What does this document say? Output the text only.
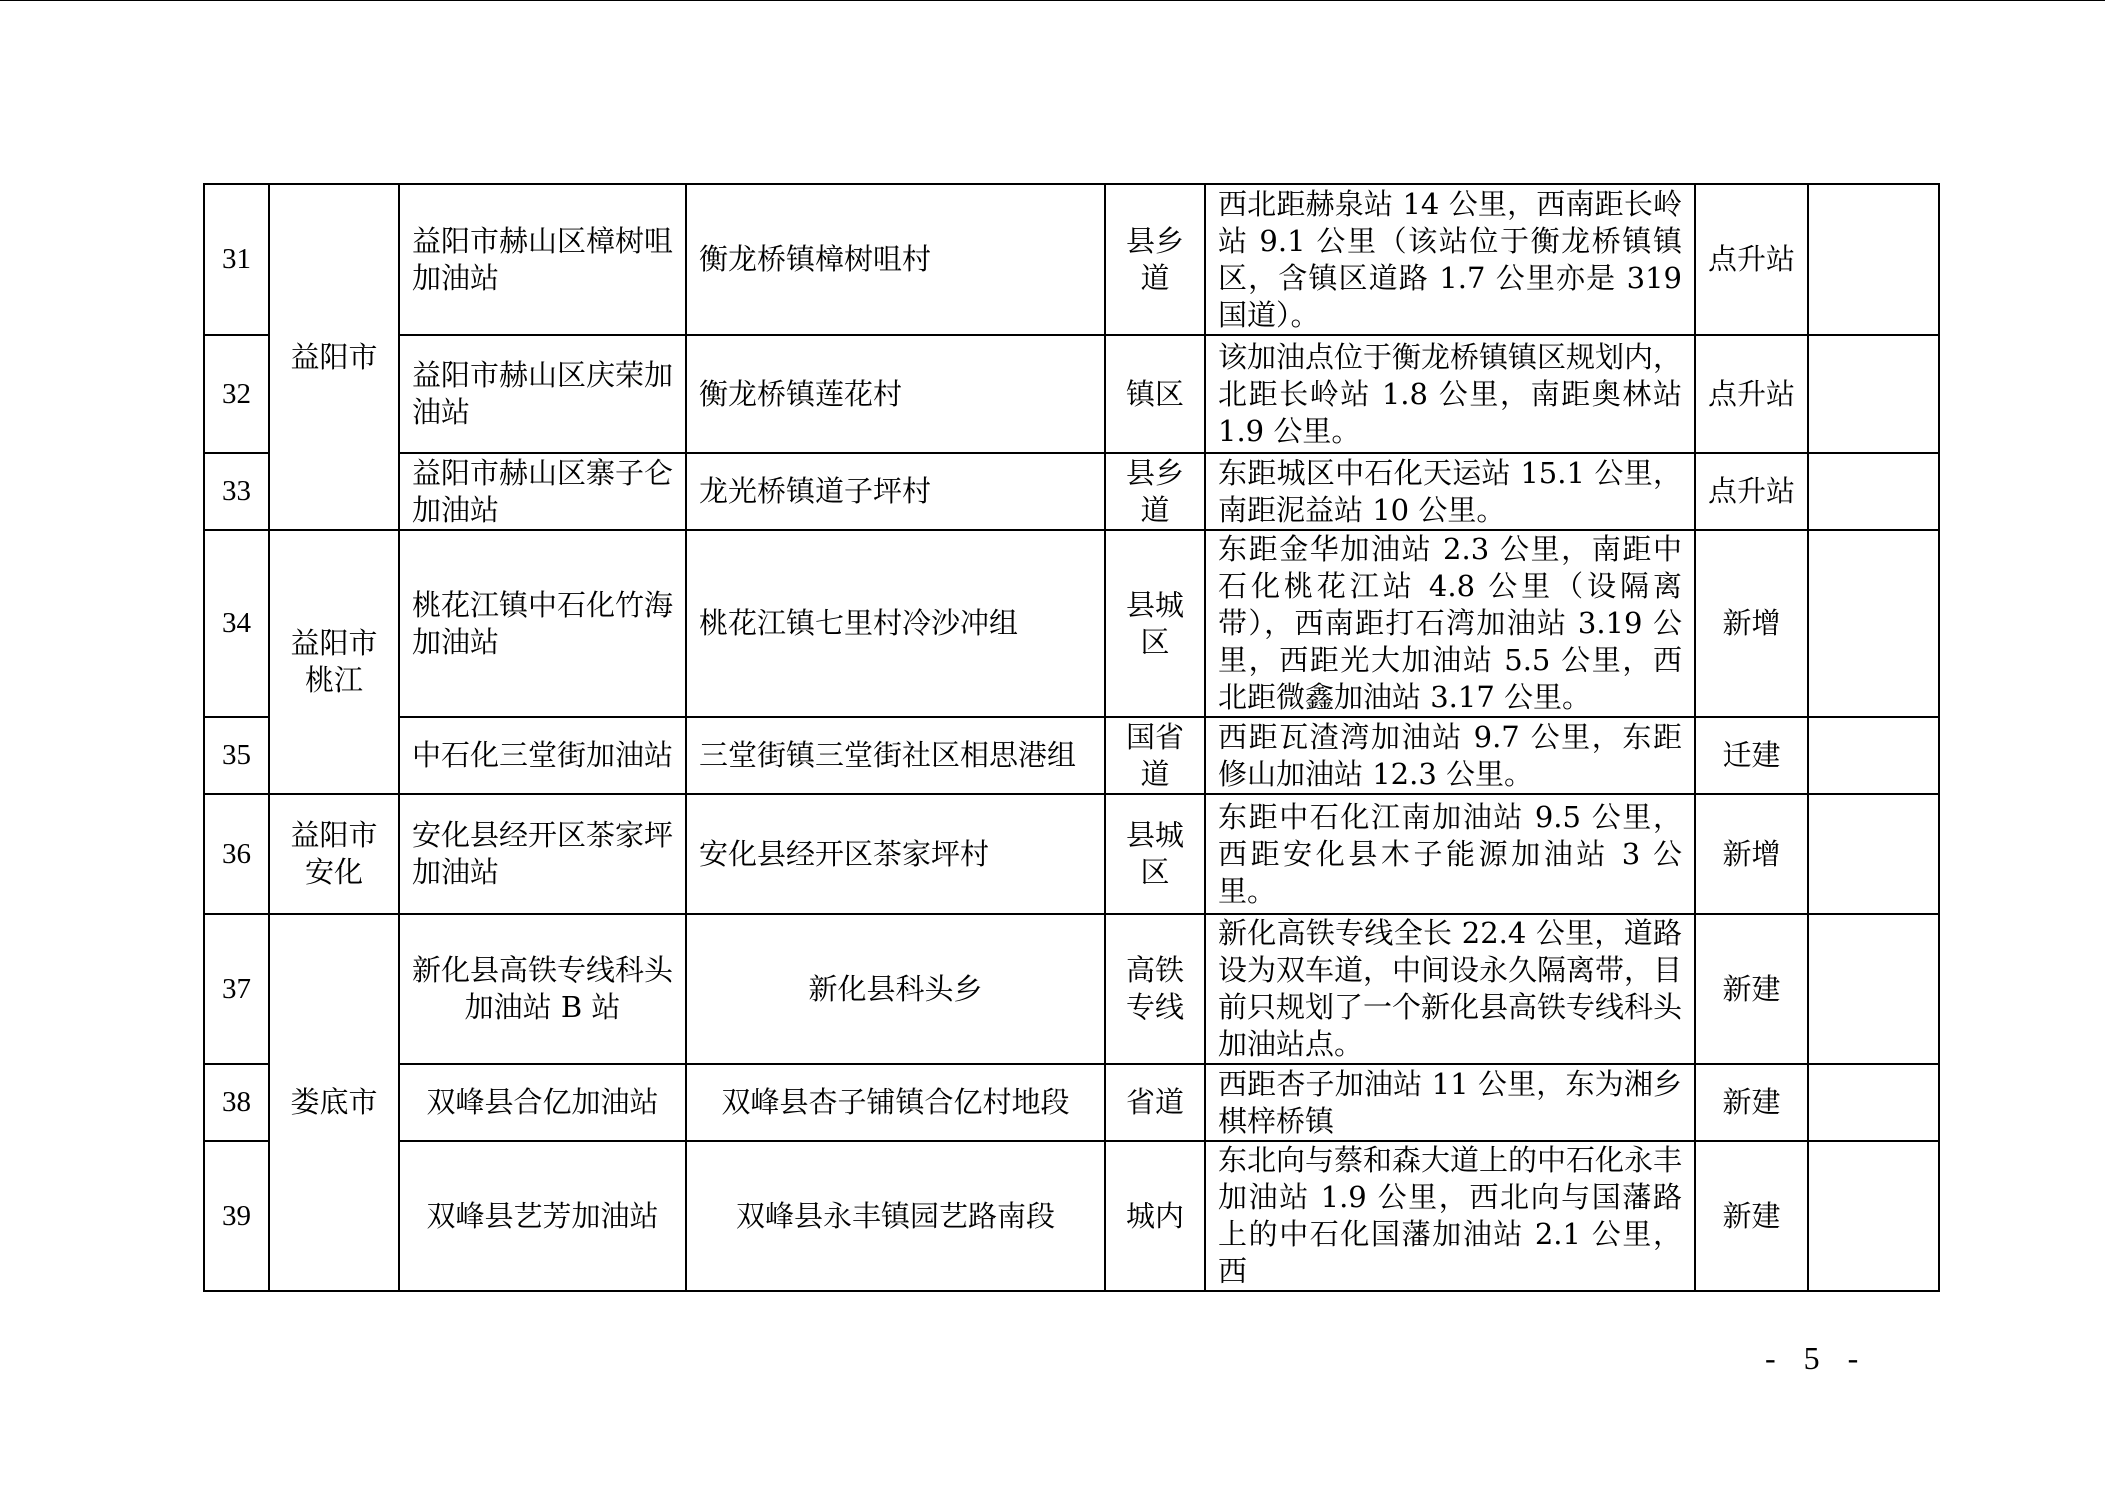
31	益阳市	益阳市赫山区樟树咀加油站	衡龙桥镇樟树咀村	县乡道	西北距赫泉站 14 公里，西南距长岭站 9.1 公里（该站位于衡龙桥镇镇区，含镇区道路 1.7 公里亦是 319 国道）。	点升站	
32		益阳市赫山区庆荣加油站	衡龙桥镇莲花村	镇区	该加油点位于衡龙桥镇镇区规划内，北距长岭站 1.8 公里，南距奥林站 1.9 公里。	点升站	
33		益阳市赫山区寨子仑加油站	龙光桥镇道子坪村	县乡道	东距城区中石化天运站 15.1 公里，南距泥益站 10 公里。	点升站	
34	益阳市桃江	桃花江镇中石化竹海加油站	桃花江镇七里村冷沙冲组	县城区	东距金华加油站 2.3 公里，南距中石化桃花江站 4.8 公里（设隔离带），西南距打石湾加油站 3.19 公里，西距光大加油站 5.5 公里，西北距微鑫加油站 3.17 公里。	新增	
35		中石化三堂街加油站	三堂街镇三堂街社区相思港组	国省道	西距瓦渣湾加油站 9.7 公里，东距修山加油站 12.3 公里。	迁建	
36	益阳市安化	安化县经开区茶家坪加油站	安化县经开区茶家坪村	县城区	东距中石化江南加油站 9.5 公里，西距安化县木子能源加油站 3 公里。	新增	
37	娄底市	新化县高铁专线科头加油站 B 站	新化县科头乡	高铁专线	新化高铁专线全长 22.4 公里，道路设为双车道，中间设永久隔离带，目前只规划了一个新化县高铁专线科头加油站点。	新建	
38		双峰县合亿加油站	双峰县杏子铺镇合亿村地段	省道	西距杏子加油站 11 公里，东为湘乡棋梓桥镇	新建	
39		双峰县艺芳加油站	双峰县永丰镇园艺路南段	城内	东北向与蔡和森大道上的中石化永丰加油站 1.9 公里，西北向与国藩路上的中石化国藩加油站 2.1 公里，西	新建	
- 5 -
